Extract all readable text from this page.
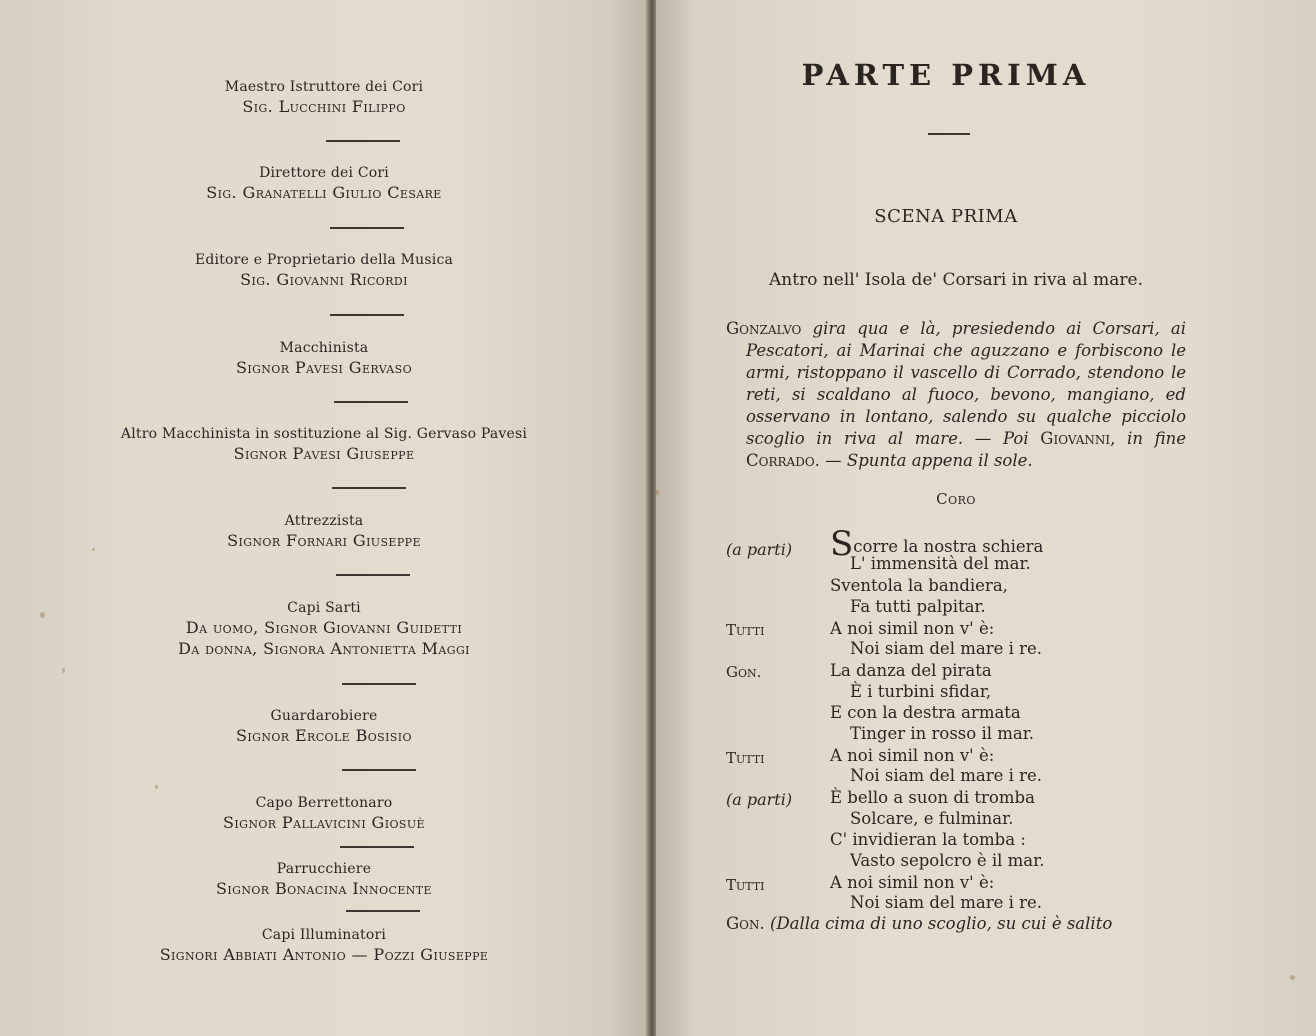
Maestro Istruttore dei Cori
Sig. Lucchini Filippo
Direttore dei Cori
Sig. Granatelli Giulio Cesare
Editore e Proprietario della Musica
Sig. Giovanni Ricordi
Macchinista
Signor Pavesi Gervaso
Altro Macchinista in sostituzione al Sig. Gervaso Pavesi
Signor Pavesi Giuseppe
Attrezzista
Signor Fornari Giuseppe
Capi Sarti
Da uomo, Signor Giovanni Guidetti
Da donna, Signora Antonietta Maggi
Guardarobiere
Signor Ercole Bosisio
Capo Berrettonaro
Signor Pallavicini Giosuè
Parrucchiere
Signor Bonacina Innocente
Capi Illuminatori
Signori Abbiati Antonio — Pozzi Giuseppe
PARTE PRIMA
SCENA PRIMA
Antro nell' Isola de' Corsari in riva al mare.
Gonzalvo gira qua e là, presiedendo ai Corsari, ai Pescatori, ai Marinai che aguzzano e forbiscono le armi, ristoppano il vascello di Corrado, stendono le reti, si scaldano al fuoco, bevono, mangiano, ed osservano in lontano, salendo su qualche picciolo scoglio in riva al mare. — Poi Giovanni, in fine Corrado. — Spunta appena il sole.
Coro
(a parti) Scorre la nostra schiera
L' immensità del mar.
Sventola la bandiera,
Fa tutti palpitar.
Tutti	A noi simil non v' è:
Noi siam del mare i re.
Gon.	La danza del pirata
È i turbini sfidar,
E con la destra armata
Tinger in rosso il mar.
Tutti	A noi simil non v' è:
Noi siam del mare i re.
(a parti) È bello a suon di tromba
Solcare, e fulminar.
C' invidieran la tomba :
Vasto sepolcro è il mar.
Tutti	A noi simil non v' è:
Noi siam del mare i re.
Gon. (Dalla cima di uno scoglio, su cui è salito
